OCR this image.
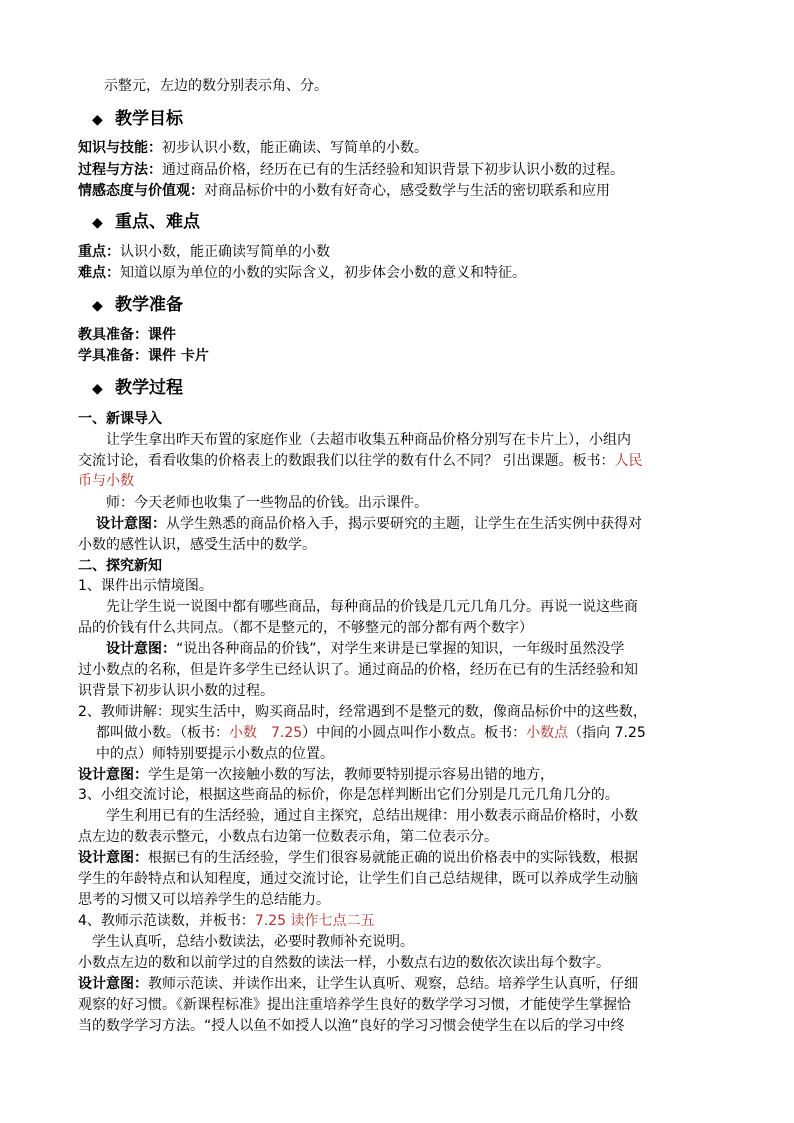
示整元，左边的数分别表示角、分。
◆ 教学目标
知识与技能：初步认识小数，能正确读、写简单的小数。
过程与方法：通过商品价格，经历在已有的生活经验和知识背景下初步认识小数的过程。
情感态度与价值观：对商品标价中的小数有好奇心，感受数学与生活的密切联系和应用
◆ 重点、难点
重点：认识小数，能正确读写简单的小数
难点：知道以原为单位的小数的实际含义，初步体会小数的意义和特征。
◆ 教学准备
教具准备：课件
学具准备：课件 卡片
◆ 教学过程
一、新课导入
让学生拿出昨天布置的家庭作业（去超市收集五种商品价格分别写在卡片上），小组内
交流讨论，看看收集的价格表上的数跟我们以往学的数有什么不同？ 引出课题。板书：人民
币与小数
师：今天老师也收集了一些物品的价钱。出示课件。
设计意图：从学生熟悉的商品价格入手，揭示要研究的主题，让学生在生活实例中获得对
小数的感性认识，感受生活中的数学。
二、探究新知
1、课件出示情境图。
先让学生说一说图中都有哪些商品，每种商品的价钱是几元几角几分。再说一说这些商
品的价钱有什么共同点。（都不是整元的，不够整元的部分都有两个数字）
设计意图：“说出各种商品的价钱”，对学生来讲是已掌握的知识，一年级时虽然没学
过小数点的名称，但是许多学生已经认识了。通过商品的价格，经历在已有的生活经验和知
识背景下初步认识小数的过程。
2、教师讲解：现实生活中，购买商品时，经常遇到不是整元的数，像商品标价中的这些数，
都叫做小数。（板书：小数　7.25）中间的小圆点叫作小数点。板书：小数点（指向 7.25
中的点）师特别要提示小数点的位置。
设计意图：学生是第一次接触小数的写法，教师要特别提示容易出错的地方，
3、小组交流讨论，根据这些商品的标价，你是怎样判断出它们分别是几元几角几分的。
学生利用已有的生活经验，通过自主探究，总结出规律：用小数表示商品价格时，小数
点左边的数表示整元，小数点右边第一位数表示角，第二位表示分。
设计意图：根据已有的生活经验，学生们很容易就能正确的说出价格表中的实际钱数，根据
学生的年龄特点和认知程度，通过交流讨论，让学生们自己总结规律，既可以养成学生动脑
思考的习惯又可以培养学生的总结能力。
4、教师示范读数，并板书：7.25 读作七点二五
学生认真听，总结小数读法，必要时教师补充说明。
小数点左边的数和以前学过的自然数的读法一样，小数点右边的数依次读出每个数字。
设计意图：教师示范读、并读作出来，让学生认真听、观察，总结。培养学生认真听，仔细
观察的好习惯。《新课程标准》提出注重培养学生良好的数学学习习惯，才能使学生掌握恰
当的数学学习方法。“授人以鱼不如授人以渔”良好的学习习惯会使学生在以后的学习中终
